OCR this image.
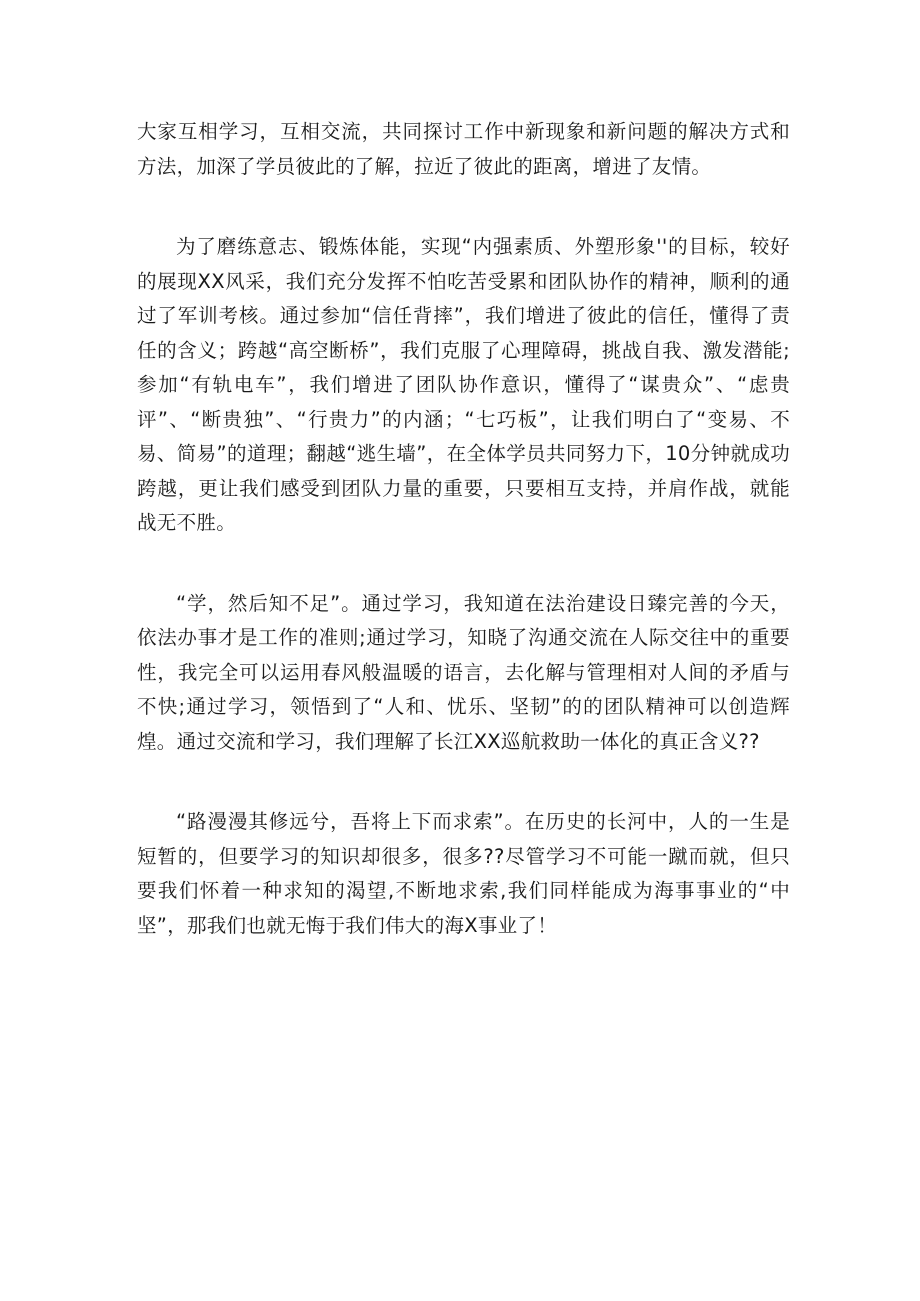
大家互相学习，互相交流，共同探讨工作中新现象和新问题的解决方式和方法，加深了学员彼此的了解，拉近了彼此的距离，增进了友情。

为了磨练意志、锻炼体能，实现“内强素质、外塑形象''的目标，较好的展现XX风采，我们充分发挥不怕吃苦受累和团队协作的精神，顺利的通过了军训考核。通过参加“信任背摔”，我们增进了彼此的信任，懂得了责任的含义；跨越“高空断桥”，我们克服了心理障碍，挑战自我、激发潜能;参加“有轨电车”，我们增进了团队协作意识，懂得了“谋贵众”、“虑贵评”、“断贵独”、“行贵力”的内涵；“七巧板”，让我们明白了“变易、不易、简易”的道理；翻越“逃生墙”，在全体学员共同努力下，10分钟就成功跨越，更让我们感受到团队力量的重要，只要相互支持，并肩作战，就能战无不胜。

“学，然后知不足”。通过学习，我知道在法治建设日臻完善的今天，依法办事才是工作的准则;通过学习，知晓了沟通交流在人际交往中的重要性，我完全可以运用春风般温暖的语言，去化解与管理相对人间的矛盾与不快;通过学习，领悟到了“人和、忧乐、坚韧”的的团队精神可以创造辉煌。通过交流和学习，我们理解了长江XX巡航救助一体化的真正含义??

“路漫漫其修远兮，吾将上下而求索”。在历史的长河中，人的一生是短暂的，但要学习的知识却很多，很多??尽管学习不可能一蹴而就，但只要我们怀着一种求知的渴望,不断地求索,我们同样能成为海事事业的“中坚”，那我们也就无悔于我们伟大的海X事业了！
